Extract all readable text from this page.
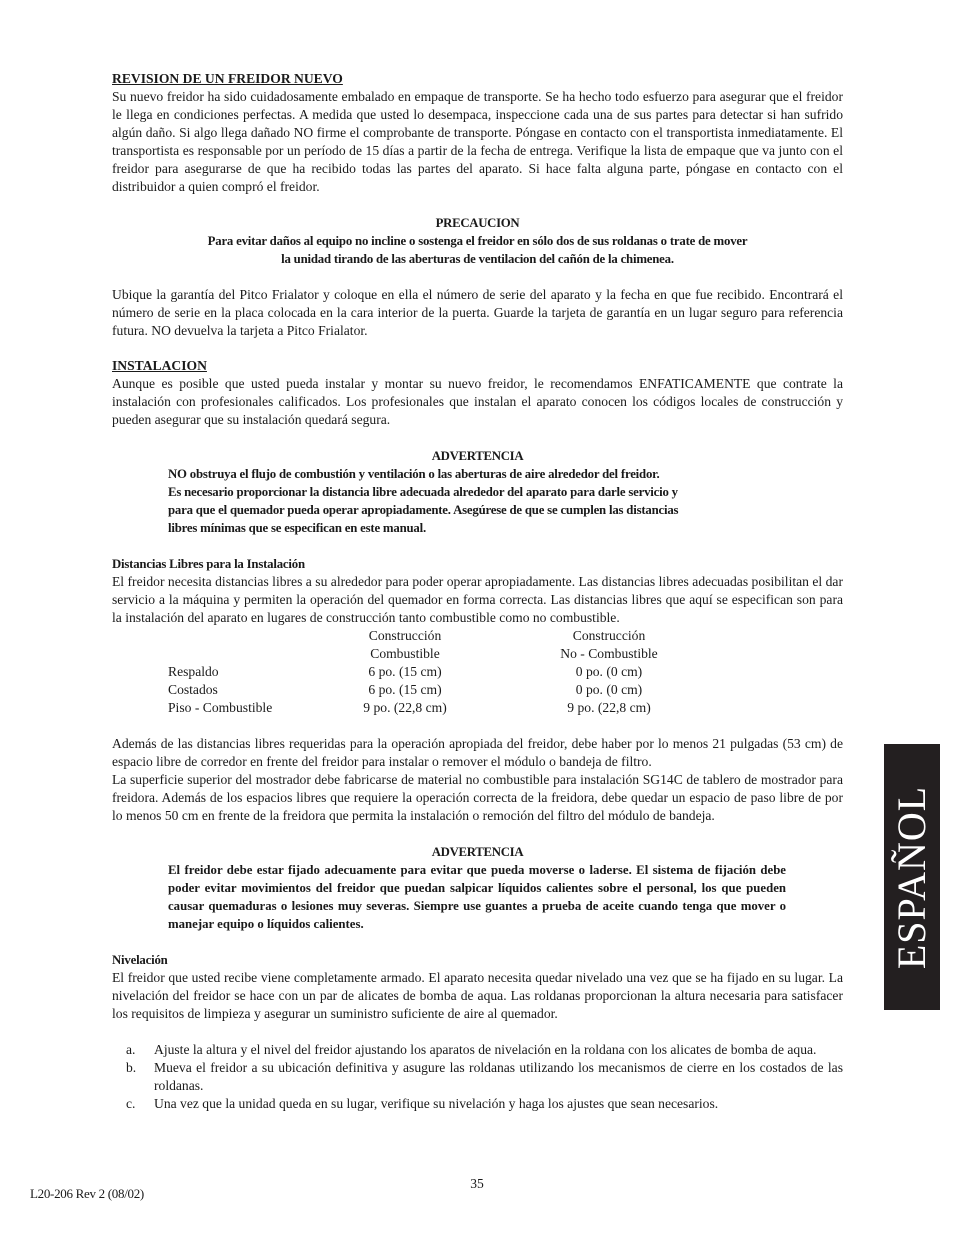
REVISION DE UN FREIDOR NUEVO

Su nuevo freidor ha sido cuidadosamente embalado en empaque de transporte. Se ha hecho todo esfuerzo para asegurar que el freidor le llega en condiciones perfectas. A medida que usted lo desempaca, inspeccione cada una de sus partes para detectar si han sufrido algún daño. Si algo llega dañado NO firme el comprobante de transporte. Póngase en contacto con el transportista inmediatamente. El transportista es responsable por un período de 15 días a partir de la fecha de entrega. Verifique la lista de empaque que va junto con el freidor para asegurarse de que ha recibido todas las partes del aparato. Si hace falta alguna parte, póngase en contacto con el distribuidor a quien compró el freidor.

PRECAUCION
Para evitar daños al equipo no incline o sostenga el freidor en sólo dos de sus roldanas o trate de mover
la unidad tirando de las aberturas de ventilacion del cañón de la chimenea.

Ubique la garantía del Pitco Frialator y coloque en ella el número de serie del aparato y la fecha en que fue recibido. Encontrará el número de serie en la placa colocada en la cara interior de la puerta. Guarde la tarjeta de garantía en un lugar seguro para referencia futura. NO devuelva la tarjeta a Pitco Frialator.

INSTALACION

Aunque es posible que usted pueda instalar y montar su nuevo freidor, le recomendamos ENFATICAMENTE que contrate la instalación con profesionales calificados. Los profesionales que instalan el aparato conocen los códigos locales de construcción y pueden asegurar que su instalación quedará segura.

ADVERTENCIA
NO obstruya el flujo de combustión y ventilación o las aberturas de aire alrededor del freidor.
Es necesario proporcionar la distancia libre adecuada alrededor del aparato para darle servicio y
para que el quemador pueda operar apropiadamente. Asegúrese de que se cumplen las distancias
libres mínimas que se especifican en este manual.
Distancias Libres para la Instalación

El freidor necesita distancias libres a su alrededor para poder operar apropiadamente. Las distancias libres adecuadas posibilitan el dar servicio a la máquina y permiten la operación del quemador en forma correcta. Las distancias libres que aquí se especifican son para la instalación del aparato en lugares de construcción tanto combustible como no combustible.

	Construcción		Construcción
	Combustible		No - Combustible
Respaldo	6 po. (15 cm)		0 po. (0 cm)
Costados	6 po. (15 cm)		0 po. (0 cm)
Piso - Combustible	9 po. (22,8 cm)		9 po. (22,8 cm)

Además de las distancias libres requeridas para la operación apropiada del freidor, debe haber por lo menos 21 pulgadas (53 cm) de espacio libre de corredor en frente del freidor para instalar o remover el módulo o bandeja de filtro.

La superficie superior del mostrador debe fabricarse de material no combustible para instalación SG14C de tablero de mostrador para freidora. Además de los espacios libres que requiere la operación correcta de la freidora, debe quedar un espacio de paso libre de por lo menos 50 cm en frente de la freidora que permita la instalación o remoción del filtro del módulo de bandeja.

ADVERTENCIA
El freidor debe estar fijado adecuamente para evitar que pueda moverse o laderse. El sistema de fijación debe poder evitar movimientos del freidor que puedan salpicar líquidos calientes sobre el personal, los que pueden causar quemaduras o lesiones muy severas. Siempre use guantes a prueba de aceite cuando tenga que mover o manejar equipo o líquidos calientes.
Nivelación

El freidor que usted recibe viene completamente armado. El aparato necesita quedar nivelado una vez que se ha fijado en su lugar. La nivelación del freidor se hace con un par de alicates de bomba de aqua. Las roldanas proporcionan la altura necesaria para satisfacer los requisitos de limpieza y asegurar un suministro suficiente de aire al quemador.

a. Ajuste la altura y el nivel del freidor ajustando los aparatos de nivelación en la roldana con los alicates de bomba de aqua.
b. Mueva el freidor a su ubicación definitiva y asugure las roldanas utilizando los mecanismos de cierre en los costados de las roldanas.
c. Una vez que la unidad queda en su lugar, verifique su nivelación y haga los ajustes que sean necesarios.
ESPAÑOL
35
L20-206 Rev 2 (08/02)
